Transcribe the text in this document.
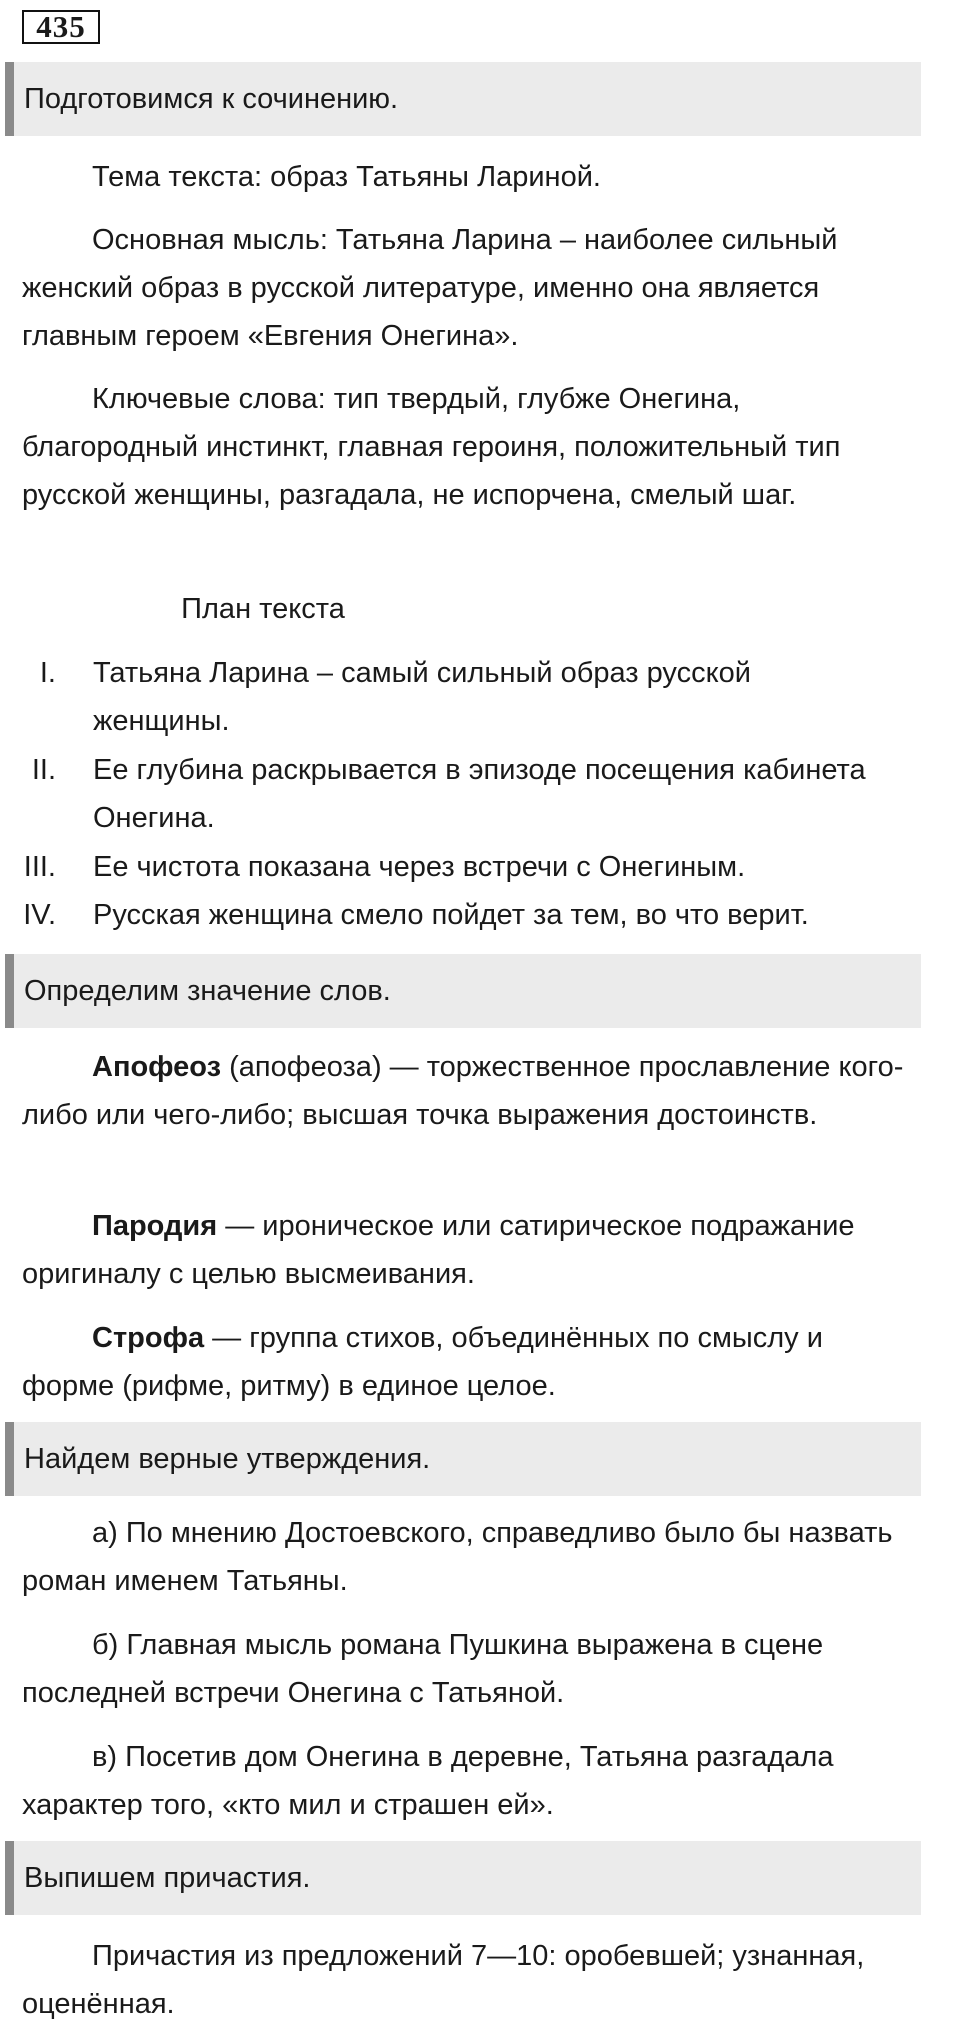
435
Подготовимся к сочинению.

Тема текста: образ Татьяны Лариной.

Основная мысль: Татьяна Ларина – наиболее сильный женский образ в русской литературе, именно она является главным героем «Евгения Онегина».

Ключевые слова: тип твердый, глубже Онегина, благородный инстинкт, главная героиня, положительный тип русской женщины, разгадала, не испорчена, смелый шаг.

План текста

I. Татьяна Ларина – самый сильный образ русской женщины.
II. Ее глубина раскрывается в эпизоде посещения кабинета Онегина.
III. Ее чистота показана через встречи с Онегиным.
IV. Русская женщина смело пойдет за тем, во что верит.
Определим значение слов.

Апофеоз (апофеоза) — торжественное прославление кого-либо или чего-либо; высшая точка выражения достоинств.

Пародия — ироническое или сатирическое подражание оригиналу с целью высмеивания.

Строфа — группа стихов, объединённых по смыслу и форме (рифме, ритму) в единое целое.

Найдем верные утверждения.

а) По мнению Достоевского, справедливо было бы назвать роман именем Татьяны.

б) Главная мысль романа Пушкина выражена в сцене последней встречи Онегина с Татьяной.

в) Посетив дом Онегина в деревне, Татьяна разгадала характер того, «кто мил и страшен ей».

Выпишем причастия.

Причастия из предложений 7—10: оробевшей; узнанная, оценённая.
